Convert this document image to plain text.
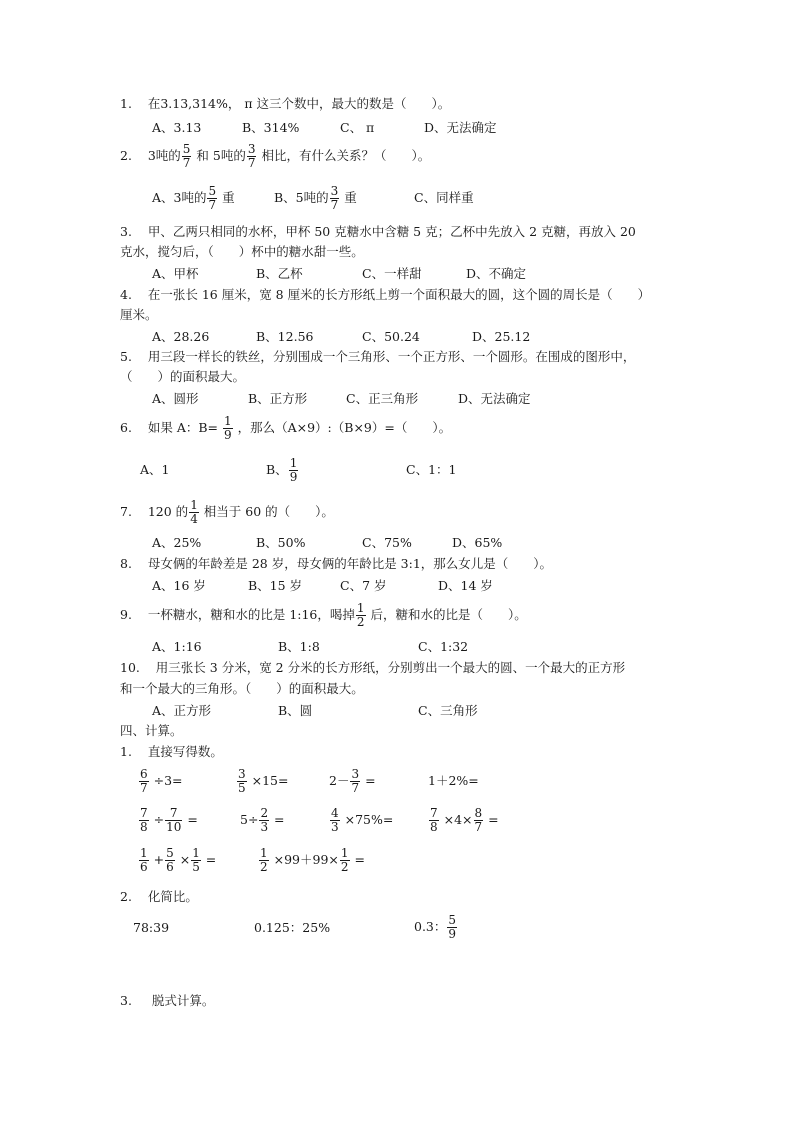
1. 在3.13,314%， π 这三个数中，最大的数是（　　）。
A、3.13	B、314%	C、 π	D、无法确定
2. 3吨的 $\frac{5}{7}$ 和 5吨的 $\frac{3}{7}$ 相比，有什么关系？（　　）。
A、3吨的 $\frac{5}{7}$ 重	B、5吨的 $\frac{3}{7}$ 重	C、同样重
3. 甲、乙两只相同的水杯，甲杯 50 克糖水中含糖 5 克；乙杯中先放入 2 克糖，再放入 20
克水，搅匀后，（　　）杯中的糖水甜一些。
A、甲杯	B、乙杯	C、一样甜	D、不确定
4. 在一张长 16 厘米，宽 8 厘米的长方形纸上剪一个面积最大的圆，这个圆的周长是（　　）
厘米。
A、28.26	B、12.56	C、50.24	D、25.12
5. 用三段一样长的铁丝，分别围成一个三角形、一个正方形、一个圆形。在围成的图形中，
（　　）的面积最大。
A、圆形	B、正方形	C、正三角形	D、无法确定
6. 如果 A：$B= \frac{1}{9}$ ，那么（A×9）:（B×9）=（　　）。
A、1	B、 $\frac{1}{9}$	C、1：1
7. 120 的 $\frac{1}{4}$ 相当于 60 的（　　）。
A、25%	B、50%	C、75%	D、65%
8. 母女俩的年龄差是 28 岁，母女俩的年龄比是 3:1，那么女儿是（　　）。
A、16 岁	B、15 岁	C、7 岁	D、14 岁
9. 一杯糖水，糖和水的比是 1:16，喝掉 $\frac{1}{2}$ 后，糖和水的比是（　　）。
A、1:16	B、1:8	C、1:32
10. 用三张长 3 分米，宽 2 分米的长方形纸，分别剪出一个最大的圆、一个最大的正方形
和一个最大的三角形。（　　）的面积最大。
A、正方形	B、圆	C、三角形
四、计算。
1. 直接写得数。
$\frac{6}{7} \div 3=$	$\frac{3}{5} \times 15=$	$2- \frac{3}{7}$ =	1＋2%=
$\frac{7}{8} \div \frac{7}{10}$ =	$5\div \frac{2}{3}$ =	$\frac{4}{3} \times 75\%=$	$\frac{7}{8} \times 4\times \frac{8}{7}$ =
$\frac{1}{6} + \frac{5}{6} \times \frac{1}{5}$ =	$\frac{1}{2} \times 99+99\times \frac{1}{2}$ =
2. 化简比。
78:39	0.125：25%	0.3： $\frac{5}{9}$
3. 脱式计算。
